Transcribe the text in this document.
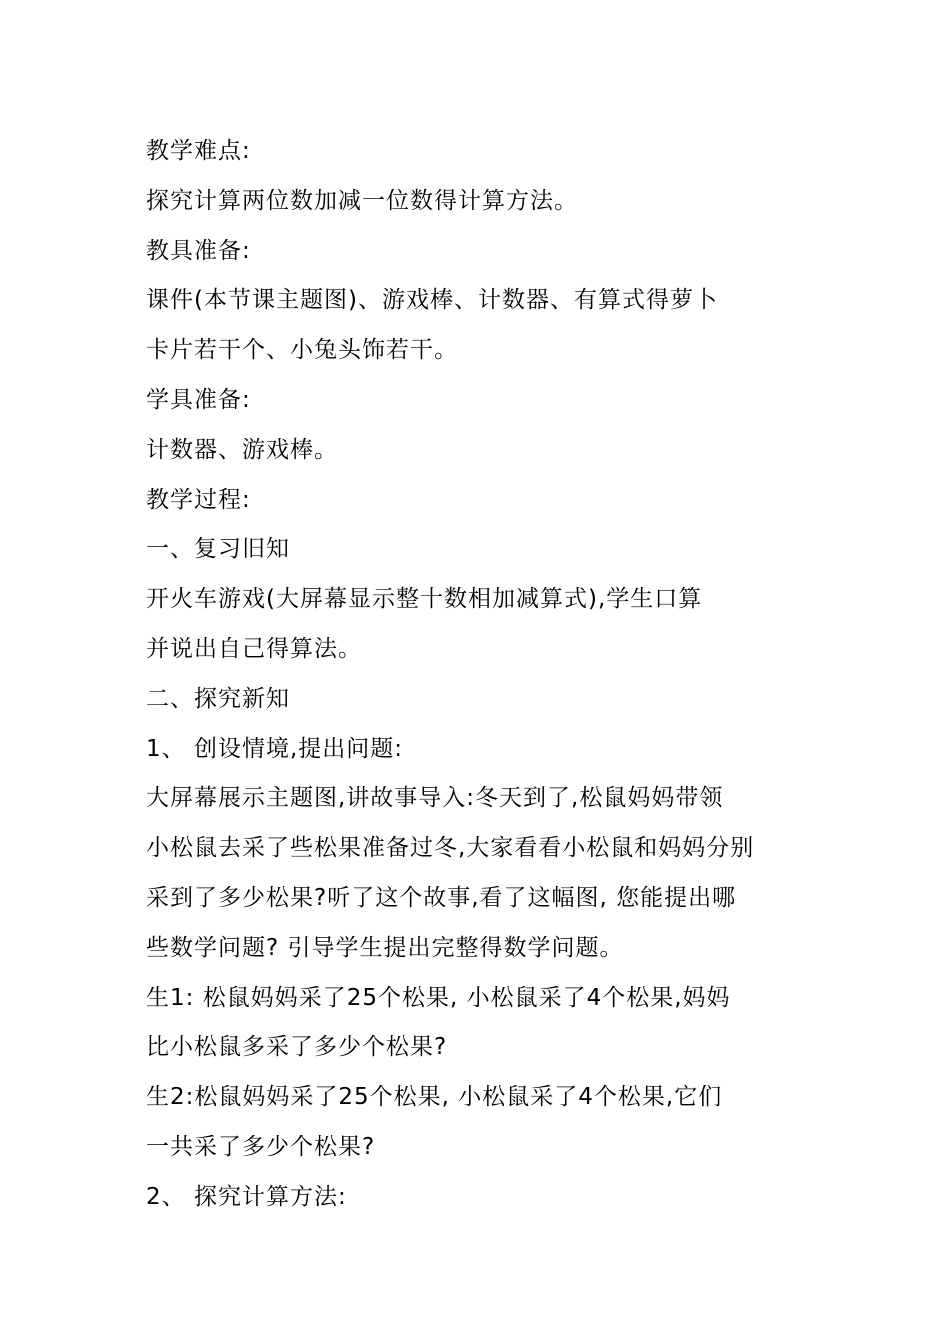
教学难点:
探究计算两位数加减一位数得计算方法。
教具准备:
课件(本节课主题图)、游戏棒、计数器、有算式得萝卜
卡片若干个、小兔头饰若干。
学具准备:
计数器、游戏棒。
教学过程:
一、复习旧知
开火车游戏(大屏幕显示整十数相加减算式),学生口算
并说出自己得算法。
二、探究新知
1、 创设情境,提出问题:
大屏幕展示主题图,讲故事导入:冬天到了,松鼠妈妈带领
小松鼠去采了些松果准备过冬,大家看看小松鼠和妈妈分别
采到了多少松果?听了这个故事,看了这幅图, 您能提出哪
些数学问题? 引导学生提出完整得数学问题。
生1: 松鼠妈妈采了25个松果, 小松鼠采了4个松果,妈妈
比小松鼠多采了多少个松果?
生2:松鼠妈妈采了25个松果, 小松鼠采了4个松果,它们
一共采了多少个松果?
2、 探究计算方法:
